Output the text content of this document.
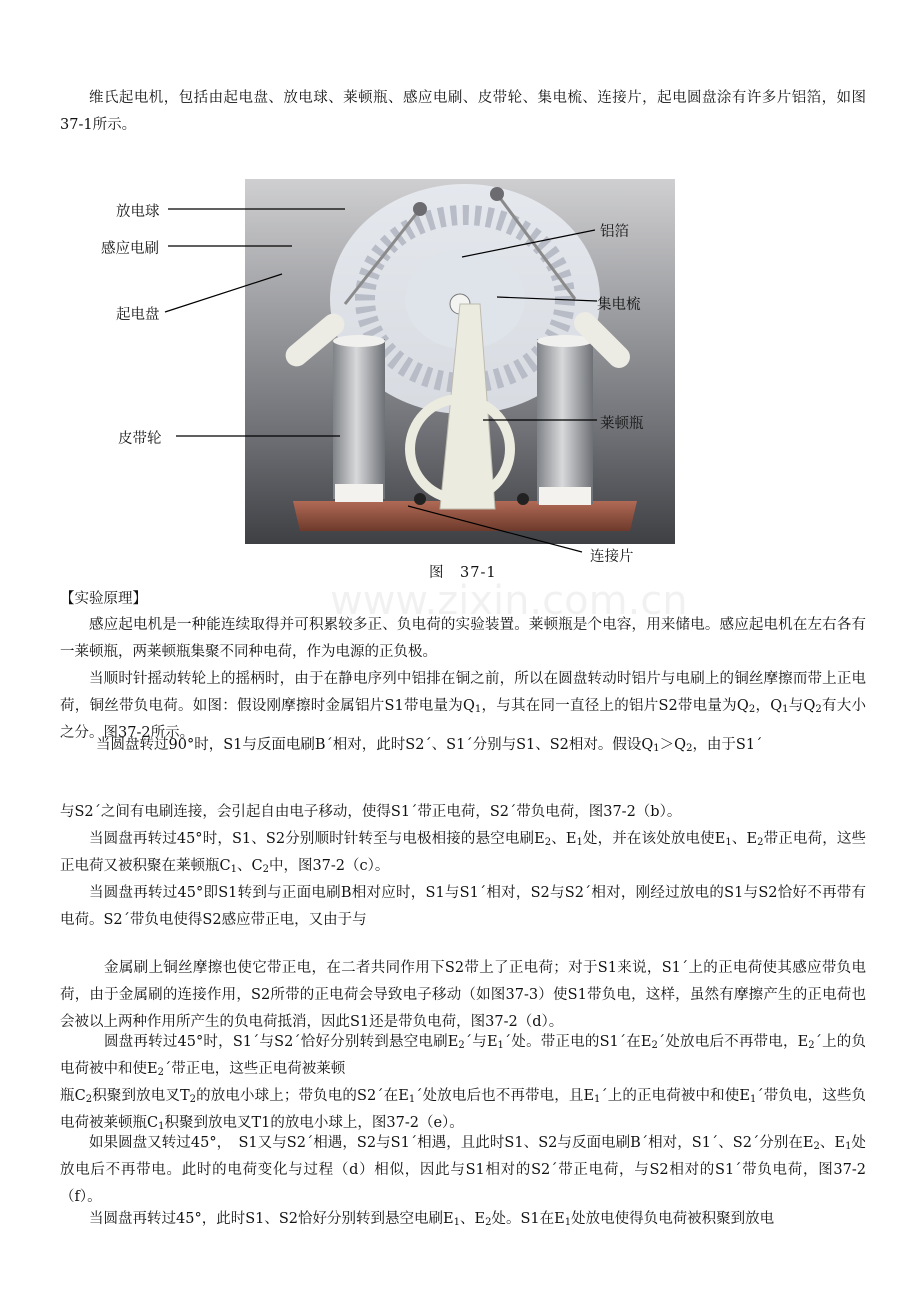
维氏起电机，包括由起电盘、放电球、莱顿瓶、感应电刷、皮带轮、集电梳、连接片，起电圆盘涂有许多片铝箔，如图37-1所示。

放电球
感应电刷
起电盘
皮带轮
铝箔
集电梳
莱顿瓶
连接片
图　37-1

【实验原理】

感应起电机是一种能连续取得并可积累较多正、负电荷的实验装置。莱顿瓶是个电容，用来储电。感应起电机在左右各有一莱顿瓶，两莱顿瓶集聚不同种电荷，作为电源的正负极。

当顺时针摇动转轮上的摇柄时，由于在静电序列中铝排在铜之前，所以在圆盘转动时铝片与电刷上的铜丝摩擦而带上正电荷，铜丝带负电荷。如图：假设刚摩擦时金属铝片S1带电量为$Q_1$，与其在同一直径上的铝片S2带电量为$Q_2$，$Q_1$与$Q_2$有大小之分。图37-2所示。

当圆盘转过90°时，S1与反面电刷B´相对，此时S2´、S1´分别与S1、S2相对。假设$Q_1>Q_2$，由于S1´

与S2´之间有电刷连接，会引起自由电子移动，使得S1´带正电荷，S2´带负电荷，图37-2（b）。

当圆盘再转过45°时，S1、S2分别顺时针转至与电极相接的悬空电刷$E_2$、$E_1$处，并在该处放电使$E_1$、$E_2$带正电荷，这些正电荷又被积聚在莱顿瓶$C_1$、$C_2$中，图37-2（c）。

当圆盘再转过45°即S1转到与正面电刷B相对应时，S1与S1´相对，S2与S2´相对，刚经过放电的S1与S2恰好不再带有电荷。S2´带负电使得S2感应带正电，又由于与

金属刷上铜丝摩擦也使它带正电，在二者共同作用下S2带上了正电荷；对于S1来说，S1´上的正电荷使其感应带负电荷，由于金属刷的连接作用，S2所带的正电荷会导致电子移动（如图37-3）使S1带负电，这样，虽然有摩擦产生的正电荷也会被以上两种作用所产生的负电荷抵消，因此S1还是带负电荷，图37-2（d）。

圆盘再转过45°时，S1´与S2´恰好分别转到悬空电刷$E_2´$与$E_1´$处。带正电的S1´在$E_2´$处放电后不再带电，$E_2´$上的负电荷被中和使$E_2´$带正电，这些正电荷被莱顿
瓶$C_2$积聚到放电叉$T_2$的放电小球上；带负电的S2´在$E_1´$处放电后也不再带电，且$E_1´$上的正电荷被中和使$E_1´$带负电，这些负电荷被莱顿瓶$C_1$积聚到放电叉T1的放电小球上，图37-2（e）。

如果圆盘又转过45°，　S1又与S2´相遇，S2与S1´相遇，且此时S1、S2与反面电刷B´相对，S1´、S2´分别在$E_2$、$E_1$处放电后不再带电。此时的电荷变化与过程（d）相似，因此与S1相对的S2´带正电荷，与S2相对的S1´带负电荷，图37-2（f）。

当圆盘再转过45°，此时S1、S2恰好分别转到悬空电刷$E_1$、$E_2$处。S1在$E_1$处放电使得负电荷被积聚到放电

www.zixin.com.cn
